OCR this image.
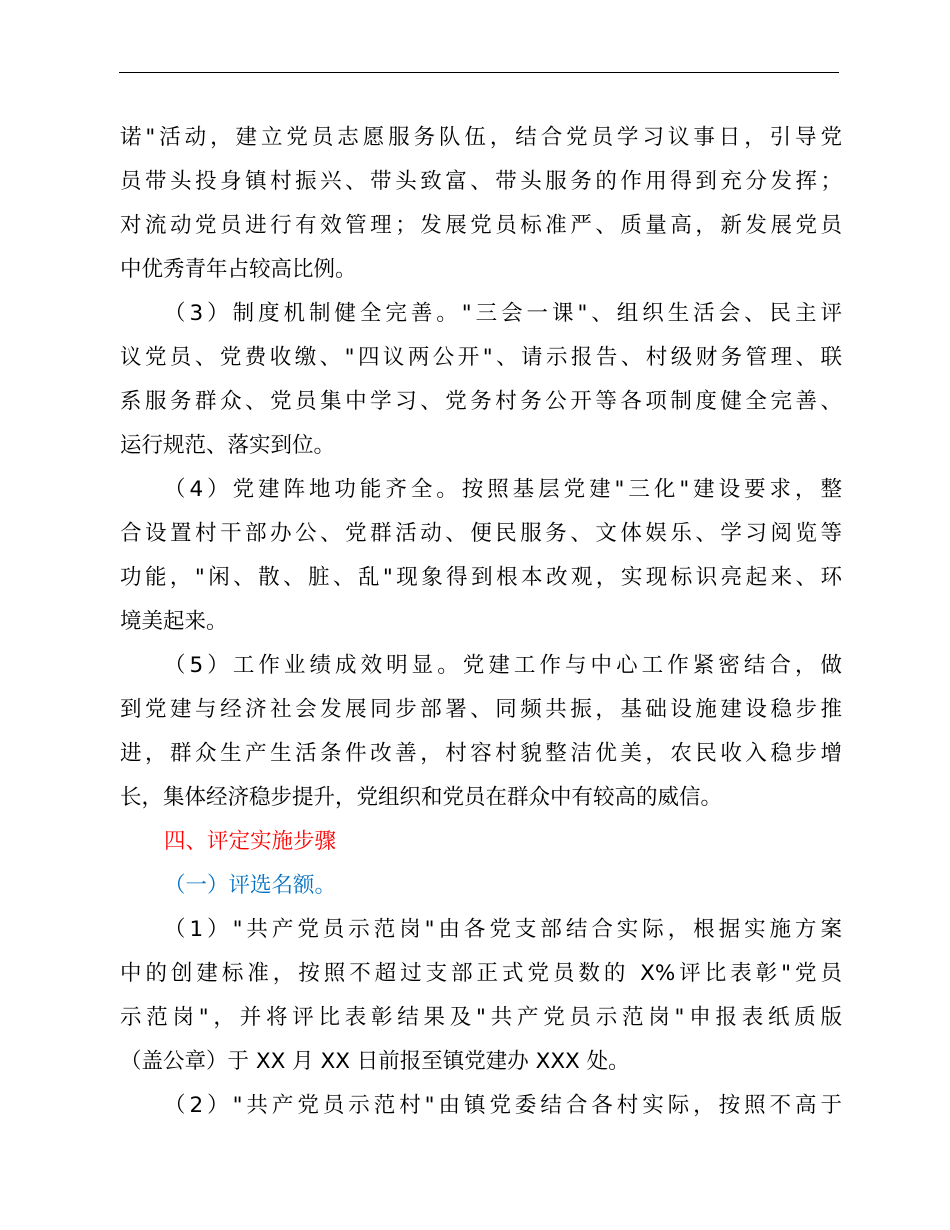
诺"活动，建立党员志愿服务队伍，结合党员学习议事日，引导党
员带头投身镇村振兴、带头致富、带头服务的作用得到充分发挥；
对流动党员进行有效管理；发展党员标准严、质量高，新发展党员
中优秀青年占较高比例。
（3）制度机制健全完善。"三会一课"、组织生活会、民主评
议党员、党费收缴、"四议两公开"、请示报告、村级财务管理、联
系服务群众、党员集中学习、党务村务公开等各项制度健全完善、
运行规范、落实到位。
（4）党建阵地功能齐全。按照基层党建"三化"建设要求，整
合设置村干部办公、党群活动、便民服务、文体娱乐、学习阅览等
功能，"闲、散、脏、乱"现象得到根本改观，实现标识亮起来、环
境美起来。
（5）工作业绩成效明显。党建工作与中心工作紧密结合，做
到党建与经济社会发展同步部署、同频共振，基础设施建设稳步推
进，群众生产生活条件改善，村容村貌整洁优美，农民收入稳步增
长，集体经济稳步提升，党组织和党员在群众中有较高的威信。
四、评定实施步骤
（一）评选名额。
（1）"共产党员示范岗"由各党支部结合实际，根据实施方案
中的创建标准，按照不超过支部正式党员数的 X%评比表彰"党员
示范岗"，并将评比表彰结果及"共产党员示范岗"申报表纸质版
（盖公章）于 XX 月 XX 日前报至镇党建办 XXX 处。
（2）"共产党员示范村"由镇党委结合各村实际，按照不高于
